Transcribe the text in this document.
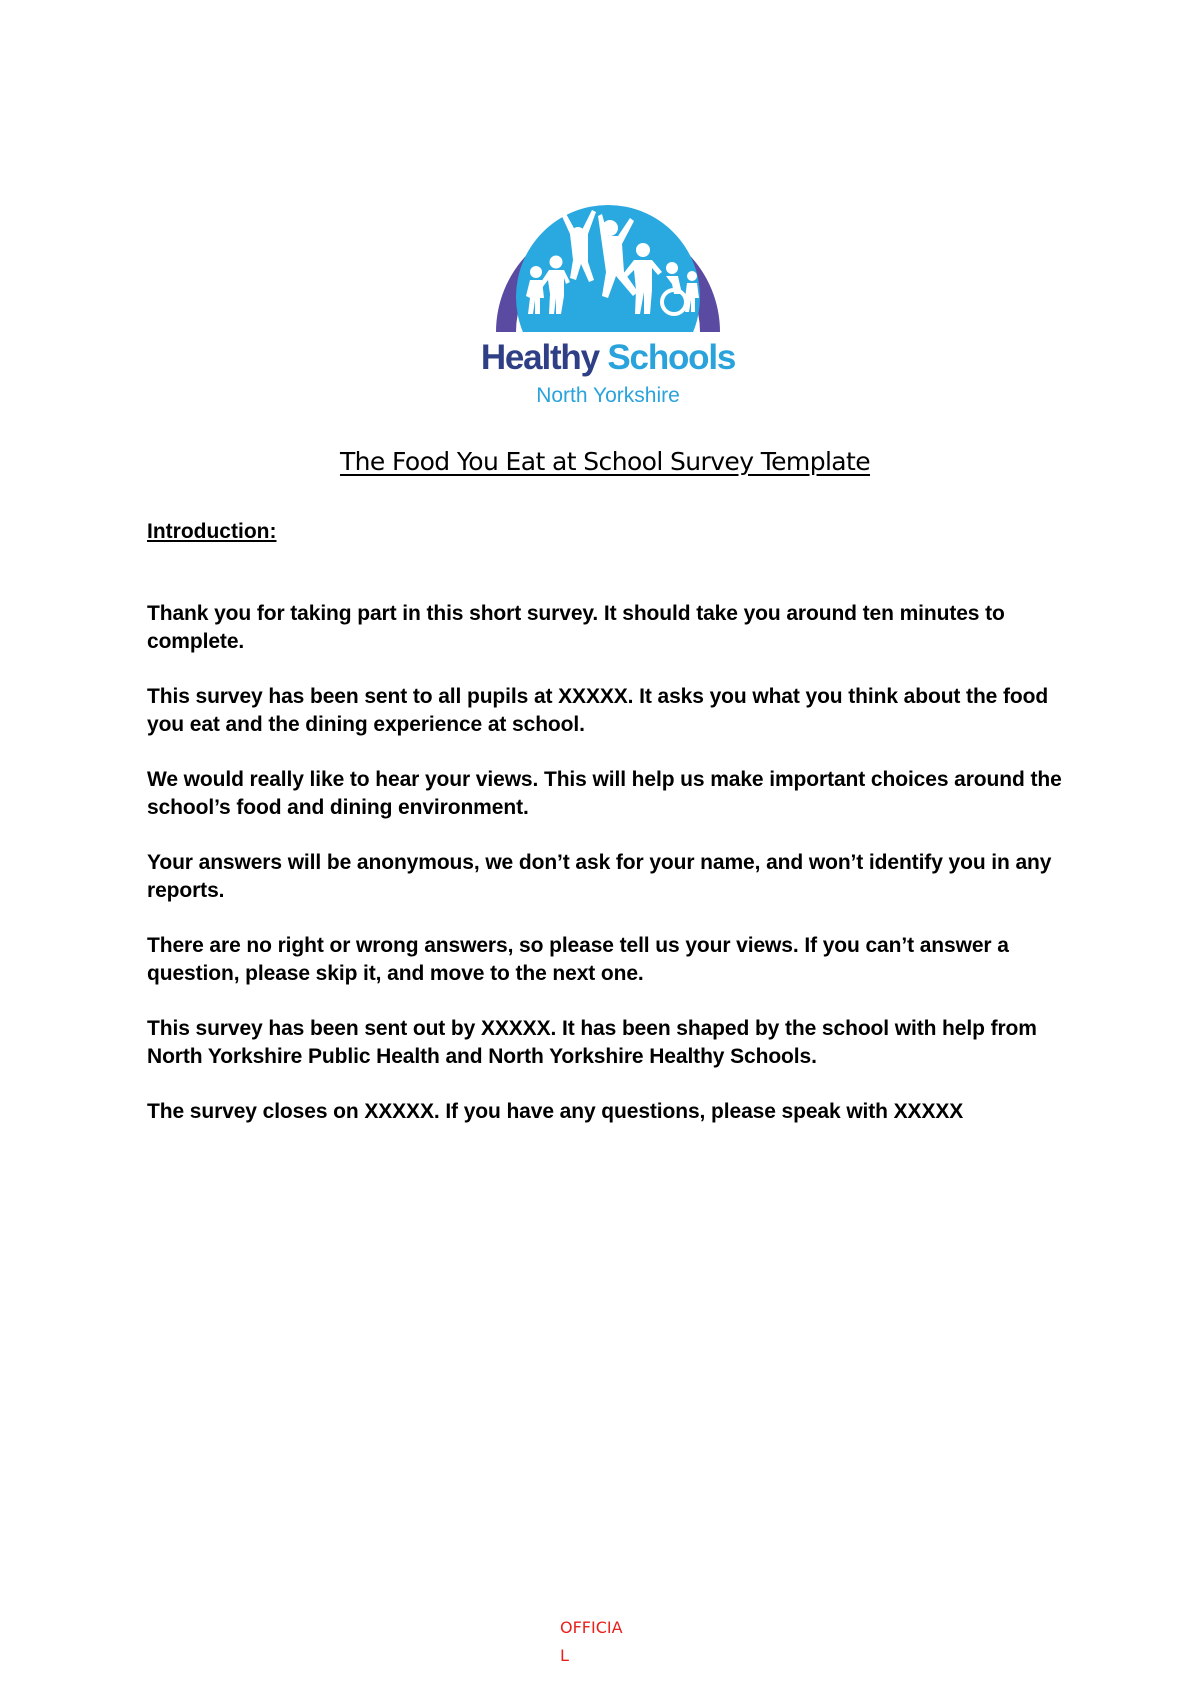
Healthy Schools
North Yorkshire
The Food You Eat at School Survey Template
Introduction:

Thank you for taking part in this short survey. It should take you around ten minutes to complete.

This survey has been sent to all pupils at XXXXX. It asks you what you think about the food you eat and the dining experience at school.

We would really like to hear your views. This will help us make important choices around the school’s food and dining environment.

Your answers will be anonymous, we don’t ask for your name, and won’t identify you in any reports.

There are no right or wrong answers, so please tell us your views. If you can’t answer a question, please skip it, and move to the next one.

This survey has been sent out by XXXXX. It has been shaped by the school with help from North Yorkshire Public Health and North Yorkshire Healthy Schools.

The survey closes on XXXXX. If you have any questions, please speak with XXXXX

OFFICIA
L
